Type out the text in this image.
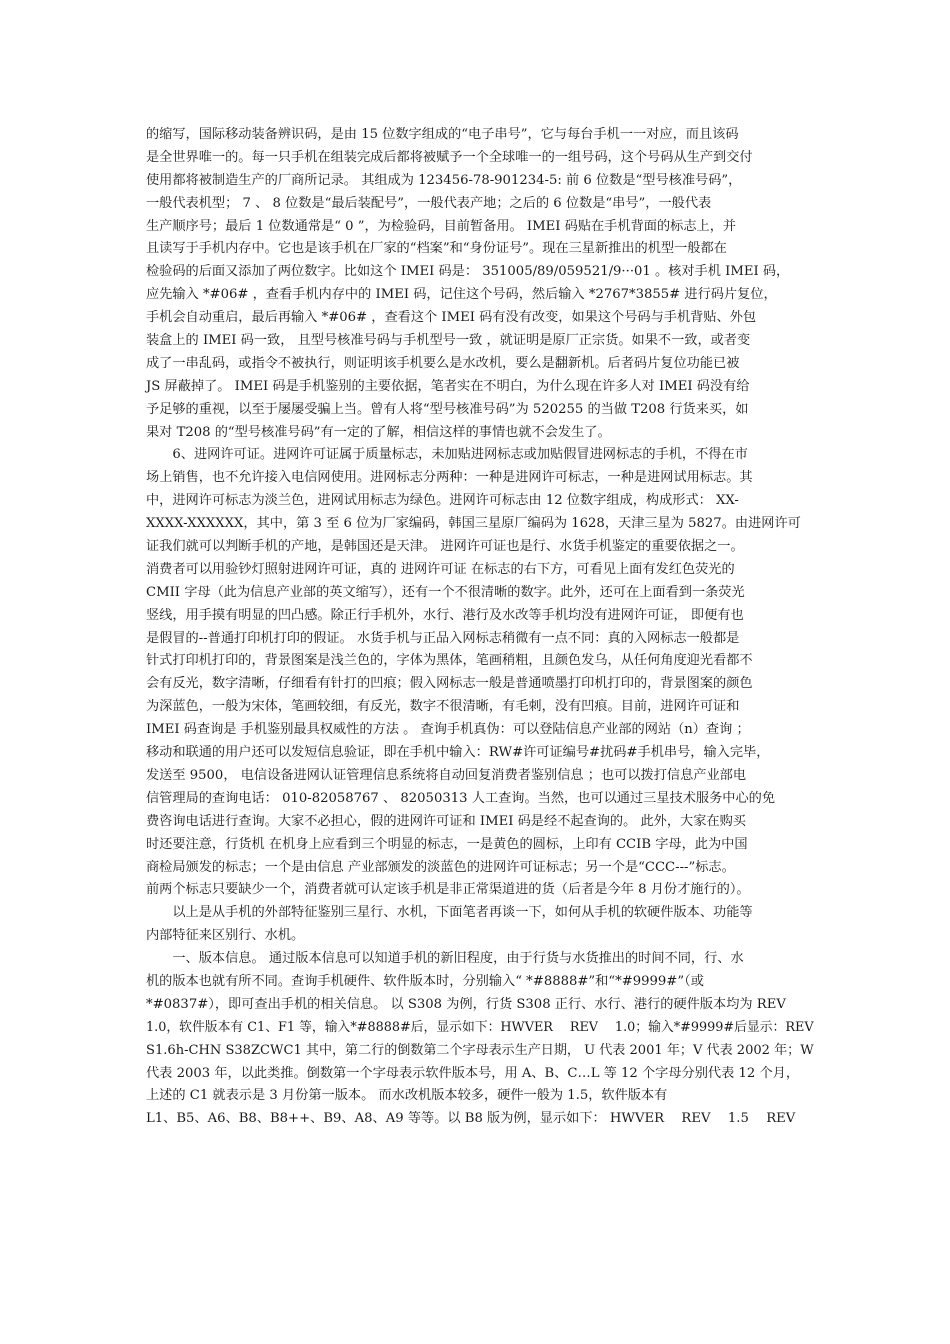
的缩写，国际移动装备辨识码，是由 15 位数字组成的“电子串号”，它与每台手机一一对应，而且该码
是全世界唯一的。每一只手机在组装完成后都将被赋予一个全球唯一的一组号码，这个号码从生产到交付
使用都将被制造生产的厂商所记录。 其组成为 123456-78-901234-5: 前 6 位数是“型号核准号码”，
一般代表机型； 7 、 8 位数是“最后装配号”，一般代表产地；之后的 6 位数是“串号”，一般代表
生产顺序号；最后 1 位数通常是“ 0 ”，为检验码，目前暂备用。 IMEI 码贴在手机背面的标志上，并
且读写于手机内存中。它也是该手机在厂家的“档案”和“身份证号”。现在三星新推出的机型一般都在
检验码的后面又添加了两位数字。比如这个 IMEI 码是： 351005/89/059521/9···01 。核对手机 IMEI 码，
应先输入 *#06# ，查看手机内存中的 IMEI 码，记住这个号码，然后输入 *2767*3855# 进行码片复位，
手机会自动重启，最后再输入 *#06# ，查看这个 IMEI 码有没有改变，如果这个号码与手机背贴、外包
装盒上的 IMEI 码一致， 且型号核准号码与手机型号一致 ，就证明是原厂正宗货。如果不一致，或者变
成了一串乱码，或指令不被执行，则证明该手机要么是水改机，要么是翻新机。后者码片复位功能已被
JS 屏蔽掉了。 IMEI 码是手机鉴别的主要依据，笔者实在不明白，为什么现在许多人对 IMEI 码没有给
予足够的重视，以至于屡屡受骗上当。曾有人将“型号核准号码”为 520255 的当做 T208 行货来买，如
果对 T208 的“型号核准号码”有一定的了解，相信这样的事情也就不会发生了。
　　6、进网许可证。进网许可证属于质量标志，未加贴进网标志或加贴假冒进网标志的手机，不得在市
场上销售，也不允许接入电信网使用。进网标志分两种：一种是进网许可标志，一种是进网试用标志。其
中，进网许可标志为淡兰色，进网试用标志为绿色。进网许可标志由 12 位数字组成，构成形式： XX-
XXXX-XXXXXX，其中，第 3 至 6 位为厂家编码，韩国三星原厂编码为 1628，天津三星为 5827。由进网许可
证我们就可以判断手机的产地，是韩国还是天津。 进网许可证也是行、水货手机鉴定的重要依据之一。
消费者可以用验钞灯照射进网许可证，真的 进网许可证 在标志的右下方，可看见上面有发红色荧光的
CMII 字母（此为信息产业部的英文缩写），还有一个不很清晰的数字。此外，还可在上面看到一条荧光
竖线，用手摸有明显的凹凸感。除正行手机外，水行、港行及水改等手机均没有进网许可证， 即便有也
是假冒的--普通打印机打印的假证。 水货手机与正品入网标志稍微有一点不同：真的入网标志一般都是
针式打印机打印的，背景图案是浅兰色的，字体为黑体，笔画稍粗，且颜色发乌，从任何角度迎光看都不
会有反光，数字清晰，仔细看有针打的凹痕；假入网标志一般是普通喷墨打印机打印的，背景图案的颜色
为深蓝色，一般为宋体，笔画较细，有反光，数字不很清晰，有毛刺，没有凹痕。目前，进网许可证和
IMEI 码查询是 手机鉴别最具权威性的方法 。 查询手机真伪：可以登陆信息产业部的网站（n）查询 ；
移动和联通的用户还可以发短信息验证，即在手机中输入：RW#许可证编号#扰码#手机串号，输入完毕，
发送至 9500， 电信设备进网认证管理信息系统将自动回复消费者鉴别信息 ；也可以拨打信息产业部电
信管理局的查询电话： 010-82058767 、 82050313 人工查询。当然，也可以通过三星技术服务中心的免
费咨询电话进行查询。大家不必担心，假的进网许可证和 IMEI 码是经不起查询的。 此外，大家在购买
时还要注意，行货机 在机身上应看到三个明显的标志，一是黄色的圆标，上印有 CCIB 字母，此为中国
商检局颁发的标志；一个是由信息 产业部颁发的淡蓝色的进网许可证标志；另一个是“CCC---”标志。
前两个标志只要缺少一个，消费者就可认定该手机是非正常渠道进的货（后者是今年 8 月份才施行的）。
　　以上是从手机的外部特征鉴别三星行、水机，下面笔者再谈一下，如何从手机的软硬件版本、功能等
内部特征来区别行、水机。
　　一、版本信息。 通过版本信息可以知道手机的新旧程度，由于行货与水货推出的时间不同，行、水
机的版本也就有所不同。查询手机硬件、软件版本时，分别输入“ *#8888#”和“*#9999#”（或
*#0837#），即可查出手机的相关信息。 以 S308 为例，行货 S308 正行、水行、港行的硬件版本均为 REV
1.0，软件版本有 C1、F1 等，输入*#8888#后，显示如下：HWVER　 REV　 1.0；输入*#9999#后显示：REV
S1.6h-CHN S38ZCWC1 其中，第二行的倒数第二个字母表示生产日期， U 代表 2001 年；V 代表 2002 年；W
代表 2003 年，以此类推。倒数第一个字母表示软件版本号，用 A、B、C…L 等 12 个字母分别代表 12 个月，
上述的 C1 就表示是 3 月份第一版本。 而水改机版本较多，硬件一般为 1.5，软件版本有
L1、B5、A6、B8、B8++、B9、A8、A9 等等。以 B8 版为例，显示如下： HWVER　 REV　 1.5　 REV
